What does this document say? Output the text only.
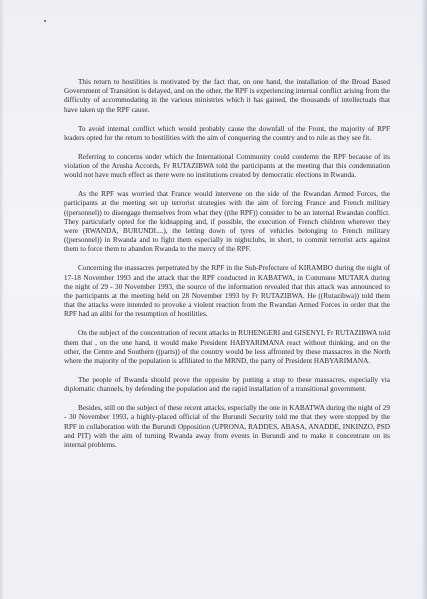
This return to hostilities is motivated by the fact that, on one hand, the installation of the Broad Based Government of Transition is delayed, and on the other, the RPF is experiencing internal conflict arising from the difficulty of accommodating in the various ministries which it has gained, the thousands of intellectuals that have taken up the RPF cause.

To avoid internal conflict which would probably cause the downfall of the Front, the majority of RPF leaders opted for the return to hostilities with the aim of conquering the country and to rule as they see fit.

Referring to concerns under which the International Community could condemn the RPF because of its violation of the Arusha Accords, Fr RUTAZIBWA told the participants at the meeting that this condemnation would not have much effect as there were no institutions created by democratic elections in Rwanda.

As the RPF was worried that France would intervene on the side of the Rwandan Armed Forces, the participants at the meeting set up terrorist strategies with the aim of forcing France and French military ((personnel)) to disengage themselves from what they ((the RPF)) consider to be an internal Rwandan conflict. They particularly opted for the kidnapping and, if possible, the execution of French children wherever they were (RWANDA, BURUNDI....), the letting down of tyres of vehicles belonging to French military ((personnel)) in Rwanda and to fight them especially in nightclubs, in short, to commit terrorist acts against them to force them to abandon Rwanda to the mercy of the RPF.

Concerning the massacres perpetrated by the RPF in the Sub-Prefecture of KIRAMBO during the night of 17-18 November 1993 and the attack that the RPF conducted in KABATWA, in Commune MUTARA during the night of 29 - 30 November 1993, the source of the information revealed that this attack was announced to the participants at the meeting held on 28 November 1993 by Fr RUTAZIBWA. He ((Rutazibwa)) told them that the attacks were intended to provoke a violent reaction from the Rwandan Armed Forces in order that the RPF had an alibi for the resumption of hostilities.

On the subject of the concentration of recent attacks in RUHENGERI and GISENYI, Fr RUTAZIBWA told them that , on the one hand, it would make President HABYARIMANA react without thinking, and on the other, the Centre and Southern ((parts)) of the country would be less affronted by these massacres in the North where the majority of the population is affiliated to the MRND, the party of President HABYARIMANA.

The people of Rwanda should prove the opposite by putting a stop to these massacres, especially via diplomatic channels, by defending the population and the rapid installation of a transitional government.

Besides, still on the subject of these recent attacks, especially the one in KABATWA during the night of 29 - 30 November 1993, a highly-placed official of the Burundi Security told me that they were stopped by the RPF in collaboration with the Burundi Opposition (UPRONA, RADDES, ABASA, ANADDE, INKINZO, PSD and PIT) with the aim of turning Rwanda away from events in Burundi and to make it concentrate on its internal problems.
